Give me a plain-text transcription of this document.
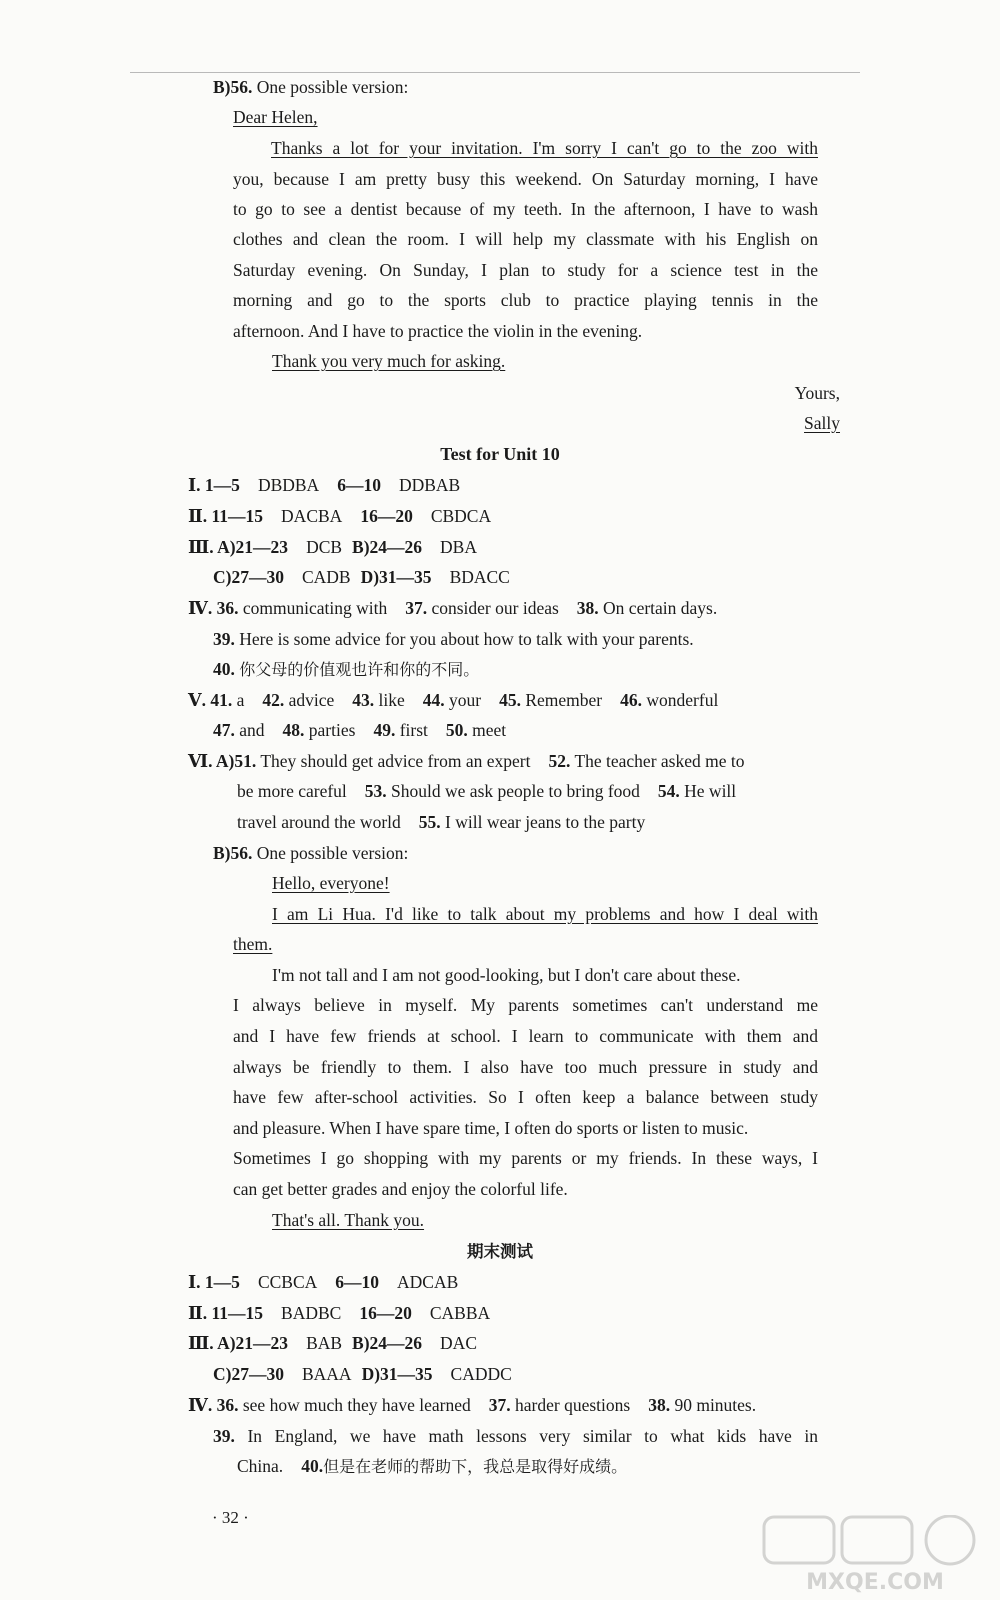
B)56. One possible version:
Dear Helen,
Thanks a lot for your invitation. I'm sorry I can't go to the zoo with
you, because I am pretty busy this weekend. On Saturday morning, I have
to go to see a dentist because of my teeth. In the afternoon, I have to wash
clothes and clean the room. I will help my classmate with his English on
Saturday evening. On Sunday, I plan to study for a science test in the
morning and go to the sports club to practice playing tennis in the
afternoon. And I have to practice the violin in the evening.
Thank you very much for asking.
Yours,
Sally
Test for Unit 10
Ⅰ. 1—5 DBDBA 6—10 DDBAB
Ⅱ. 11—15 DACBA 16—20 CBDCA
Ⅲ. A)21—23 DCB B)24—26 DBA
C)27—30 CADB D)31—35 BDACC
Ⅳ. 36. communicating with 37. consider our ideas 38. On certain days.
39. Here is some advice for you about how to talk with your parents.
40. 你父母的价值观也许和你的不同。
Ⅴ. 41. a 42. advice 43. like 44. your 45. Remember 46. wonderful
47. and 48. parties 49. first 50. meet
Ⅵ. A)51. They should get advice from an expert 52. The teacher asked me to
be more careful 53. Should we ask people to bring food 54. He will
travel around the world 55. I will wear jeans to the party
B)56. One possible version:
Hello, everyone!
I am Li Hua. I'd like to talk about my problems and how I deal with
them.
I'm not tall and I am not good-looking, but I don't care about these.
I always believe in myself. My parents sometimes can't understand me
and I have few friends at school. I learn to communicate with them and
always be friendly to them. I also have too much pressure in study and
have few after-school activities. So I often keep a balance between study
and pleasure. When I have spare time, I often do sports or listen to music.
Sometimes I go shopping with my parents or my friends. In these ways, I
can get better grades and enjoy the colorful life.
That's all. Thank you.
期末测试
Ⅰ. 1—5 CCBCA 6—10 ADCAB
Ⅱ. 11—15 BADBC 16—20 CABBA
Ⅲ. A)21—23 BAB B)24—26 DAC
C)27—30 BAAA D)31—35 CADDC
Ⅳ. 36. see how much they have learned 37. harder questions 38. 90 minutes.
39. In England, we have math lessons very similar to what kids have in
China. 40.但是在老师的帮助下，我总是取得好成绩。
· 32 ·
MXQE.COM
